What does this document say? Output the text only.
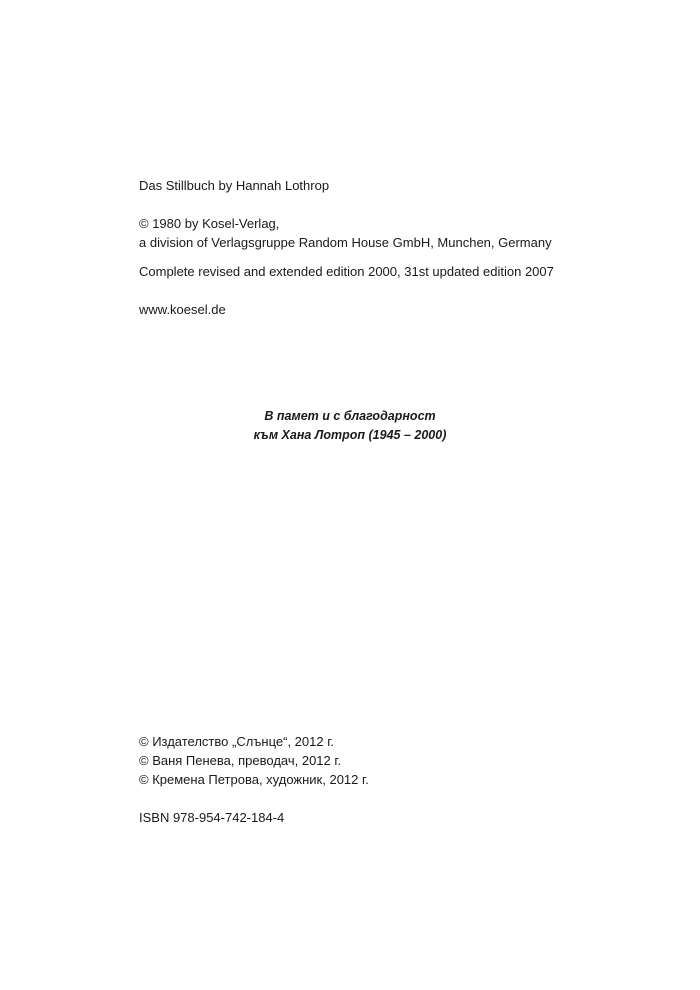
Das Stillbuch by Hannah Lothrop
© 1980 by Kosel-Verlag,
a division of Verlagsgruppe Random House GmbH, Munchen, Germany
Complete revised and extended edition 2000, 31st updated edition 2007
www.koesel.de
В памет и с благодарност
към Хана Лотроп (1945 – 2000)
© Издателство „Слънце“, 2012 г.
© Ваня Пенева, преводач, 2012 г.
© Кремена Петрова, художник, 2012 г.
ISBN 978-954-742-184-4
